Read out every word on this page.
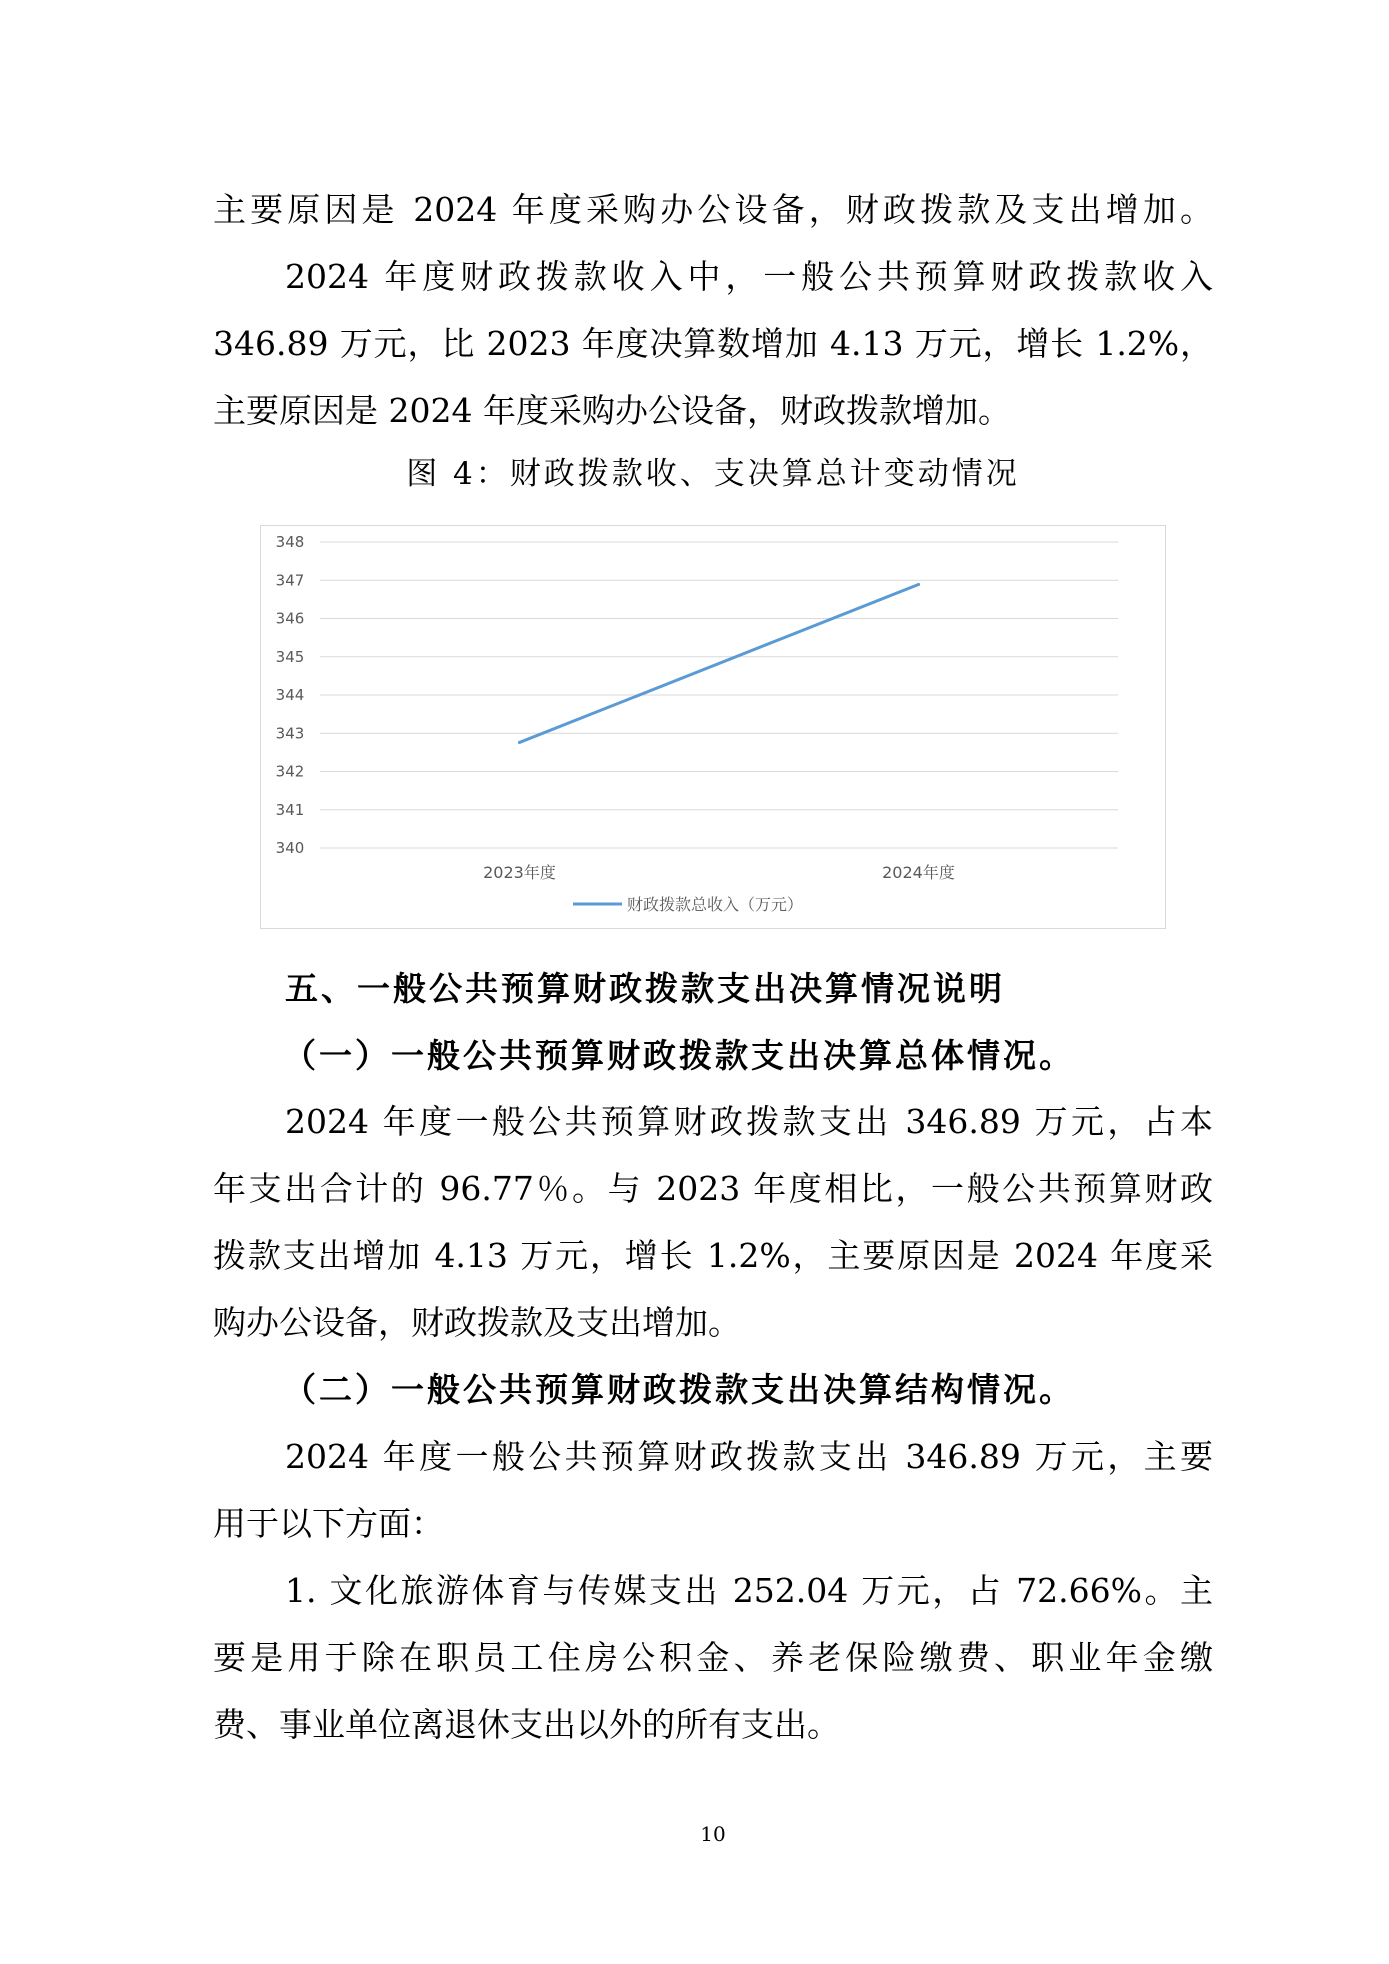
主要原因是 2024 年度采购办公设备，财政拨款及支出增加。
2024 年度财政拨款收入中，一般公共预算财政拨款收入
346.89 万元，比 2023 年度决算数增加 4.13 万元，增长 1.2%，
主要原因是 2024 年度采购办公设备，财政拨款增加。
图 4：财政拨款收、支决算总计变动情况
340
341
342
343
344
345
346
347
348
2023年度	2024年度
财政拨款总收入（万元）
五、一般公共预算财政拨款支出决算情况说明
（一）一般公共预算财政拨款支出决算总体情况。
2024 年度一般公共预算财政拨款支出 346.89 万元，占本
年支出合计的 96.77％。与 2023 年度相比，一般公共预算财政
拨款支出增加 4.13 万元，增长 1.2%，主要原因是 2024 年度采
购办公设备，财政拨款及支出增加。
（二）一般公共预算财政拨款支出决算结构情况。
2024 年度一般公共预算财政拨款支出 346.89 万元，主要
用于以下方面：
1. 文化旅游体育与传媒支出 252.04 万元，占 72.66%。主
要是用于除在职员工住房公积金、养老保险缴费、职业年金缴
费、事业单位离退休支出以外的所有支出。
10
